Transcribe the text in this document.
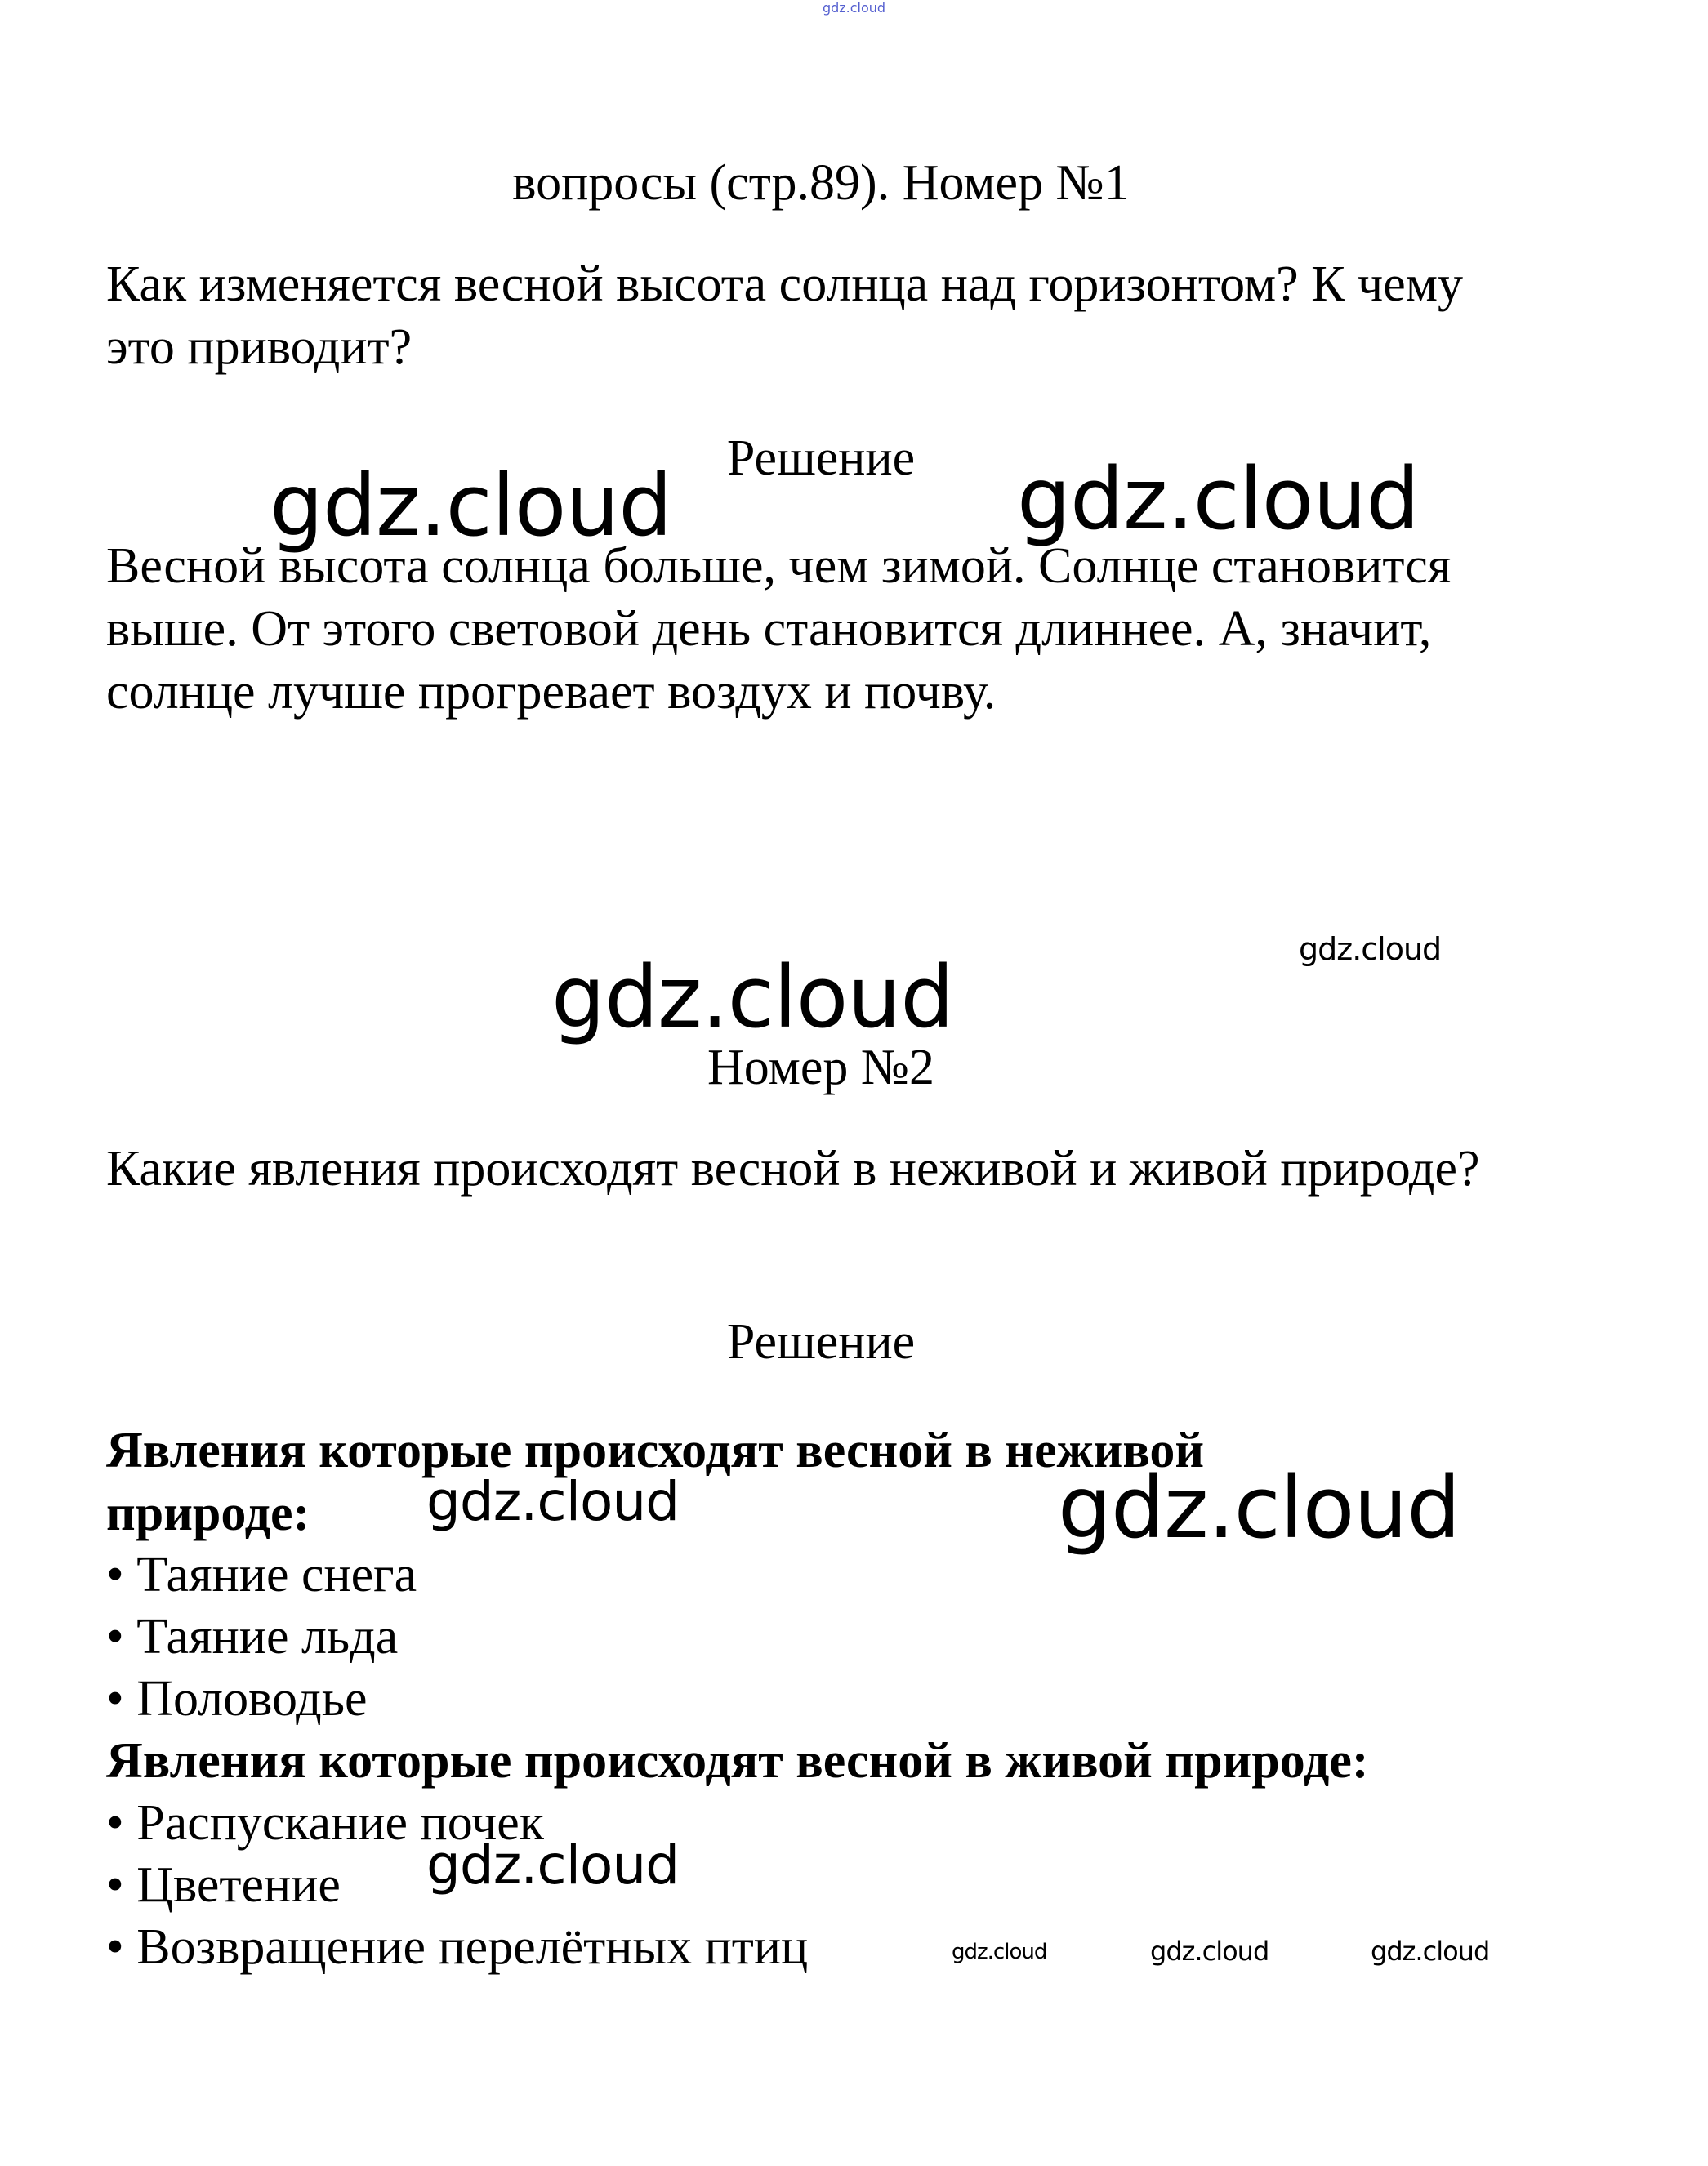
gdz.cloud
вопросы (стр.89). Номер №1
Как изменяется весной высота солнца над горизонтом? К чему это приводит?
Решение
Весной высота солнца больше, чем зимой. Солнце становится выше. От этого световой день становится длиннее. А, значит, солнце лучше прогревает воздух и почву.
Номер №2
Какие явления происходят весной в неживой и живой природе?
Решение
Явления которые происходят весной в неживой природе:
• Таяние снега
• Таяние льда
• Половодье
Явления которые происходят весной в живой природе:
• Распускание почек
• Цветение
• Возвращение перелётных птиц
gdz.cloud	gdz.cloud
gdz.cloud
gdz.cloud
gdz.cloud	gdz.cloud
gdz.cloud
gdz.cloud	gdz.cloud	gdz.cloud
